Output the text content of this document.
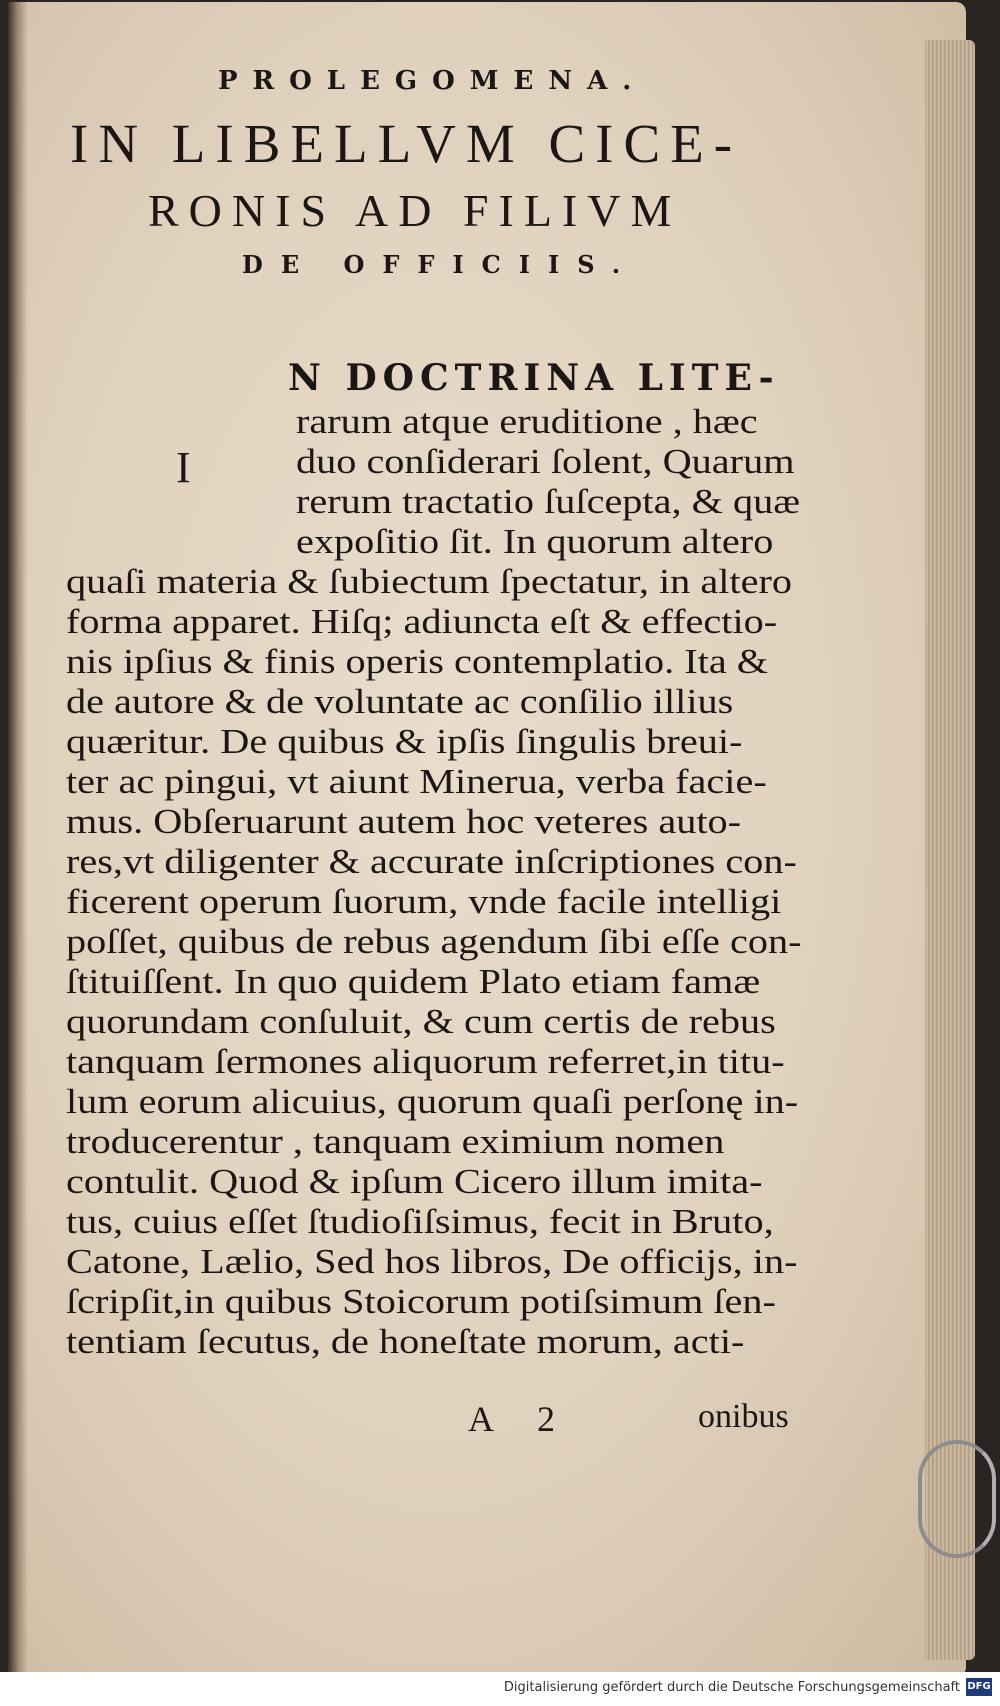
PROLEGOMENA.
IN LIBELLVM CICE-
RONIS AD FILIVM
DE OFFICIIS.
I
N DOCTRINA LITE-
rarum atque eruditione , hæc
duo conſiderari ſolent, Quarum
rerum tractatio ſuſcepta, & quæ
expoſitio ſit. In quorum altero
quaſi materia & ſubiectum ſpectatur, in altero
forma apparet. Hiſq; adiuncta eſt & effectio-
nis ipſius & finis operis contemplatio. Ita &
de autore & de voluntate ac conſilio illius
quæritur. De quibus & ipſis ſingulis breui-
ter ac pingui, vt aiunt Minerua, verba facie-
mus. Obſeruarunt autem hoc veteres auto-
res,vt diligenter & accurate inſcriptiones con-
ficerent operum ſuorum, vnde facile intelligi
poſſet, quibus de rebus agendum ſibi eſſe con-
ſtituiſſent. In quo quidem Plato etiam famæ
quorundam conſuluit, & cum certis de rebus
tanquam ſermones aliquorum referret,in titu-
lum eorum alicuius, quorum quaſi perſonę in-
troducerentur , tanquam eximium nomen
contulit. Quod & ipſum Cicero illum imita-
tus, cuius eſſet ſtudioſiſsimus, fecit in Bruto,
Catone, Lælio, Sed hos libros, De officijs, in-
ſcripſit,in quibus Stoicorum potiſsimum ſen-
tentiam ſecutus, de honeſtate morum, acti-
A 2	onibus
Digitalisierung gefördert durch die Deutsche Forschungsgemeinschaft DFG
